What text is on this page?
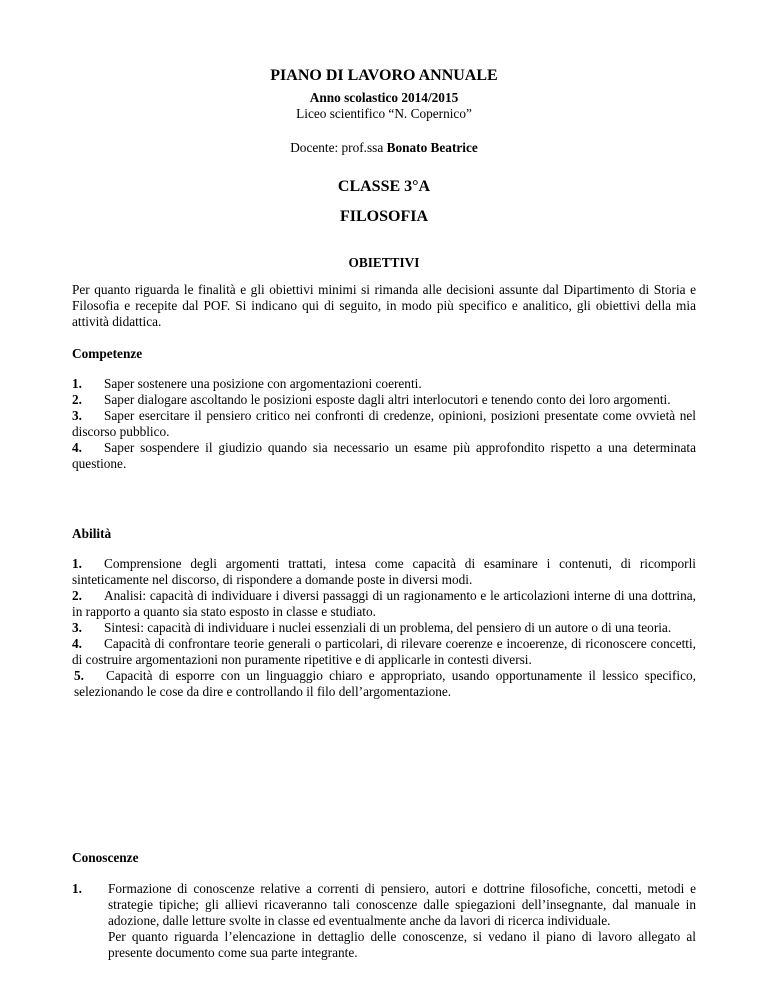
PIANO DI LAVORO ANNUALE
Anno scolastico 2014/2015
Liceo scientifico “N. Copernico”
Docente: prof.ssa Bonato Beatrice
CLASSE 3°A
FILOSOFIA
OBIETTIVI

Per quanto riguarda le finalità e gli obiettivi minimi si rimanda alle decisioni assunte dal Dipartimento di Storia e Filosofia e recepite dal POF. Si indicano qui di seguito, in modo più specifico e analitico, gli obiettivi della mia attività didattica.

Competenze
1. Saper sostenere una posizione con argomentazioni coerenti.
2. Saper dialogare ascoltando le posizioni esposte dagli altri interlocutori e tenendo conto dei loro argomenti.
3. Saper esercitare il pensiero critico nei confronti di credenze, opinioni, posizioni presentate come ovvietà nel discorso pubblico.
4. Saper sospendere il giudizio quando sia necessario un esame più approfondito rispetto a una determinata questione.
Abilità
1. Comprensione degli argomenti trattati, intesa come capacità di esaminare i contenuti, di ricomporli sinteticamente nel discorso, di rispondere a domande poste in diversi modi.
2. Analisi: capacità di individuare i diversi passaggi di un ragionamento e le articolazioni interne di una dottrina, in rapporto a quanto sia stato esposto in classe e studiato.
3. Sintesi: capacità di individuare i nuclei essenziali di un problema, del pensiero di un autore o di una teoria.
4. Capacità di confrontare teorie generali o particolari, di rilevare coerenze e incoerenze, di riconoscere concetti, di costruire argomentazioni non puramente ripetitive e di applicarle in contesti diversi.
5. Capacità di esporre con un linguaggio chiaro e appropriato, usando opportunamente il lessico specifico, selezionando le cose da dire e controllando il filo dell’argomentazione.
Conoscenze
1.	Formazione di conoscenze relative a correnti di pensiero, autori e dottrine filosofiche, concetti, metodi e strategie tipiche; gli allievi ricaveranno tali conoscenze dalle spiegazioni dell’insegnante, dal manuale in adozione, dalle letture svolte in classe ed eventualmente anche da lavori di ricerca individuale.

Per quanto riguarda l’elencazione in dettaglio delle conoscenze, si vedano il piano di lavoro allegato al presente documento come sua parte integrante.
